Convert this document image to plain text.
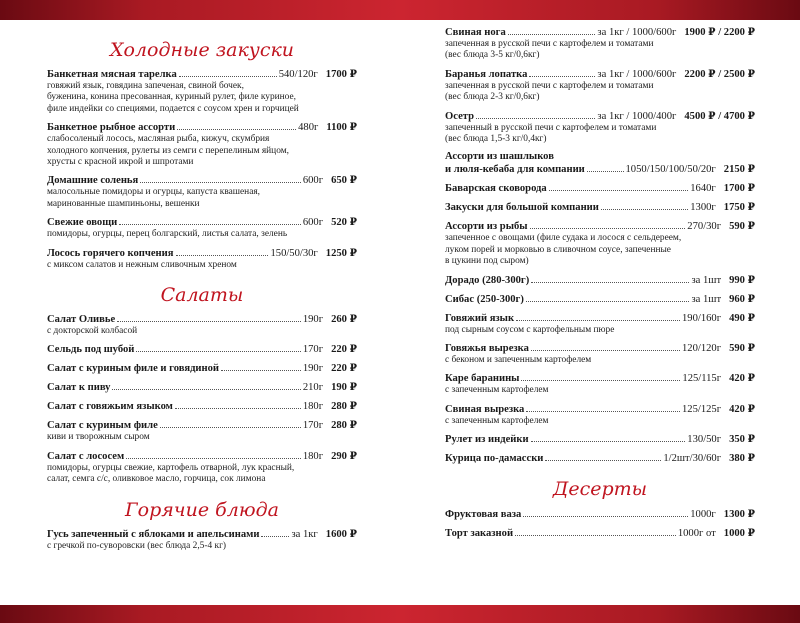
Холодные закуски
Банкетная мясная тарелка	540/120г 1700 ₽
говяжий язык, говядина запеченая, свиной бочек,
буженина, конина пресованная, куриный рулет, филе куриное,
филе индейки со специями, подается с соусом хрен и горчицей
Банкетное рыбное ассорти	480г 1100 ₽
слабосоленый лосось, масляная рыба, кижуч, скумбрия
холодного копчения, рулеты из семги с перепелиным яйцом,
хрусты с красной икрой и шпротами
Домашние соленья	600г 650 ₽
малосольные помидоры и огурцы, капуста квашеная,
маринованные шампиньоны, вешенки
Свежие овощи	600г 520 ₽
помидоры, огурцы, перец болгарский, листья салата, зелень
Лосось горячего копчения	150/50/30г 1250 ₽
с миксом салатов и нежным сливочным хреном
Салаты
Салат Оливье	190г 260 ₽
с докторской колбасой
Сельдь под шубой	170г 220 ₽
Салат с куриным филе и говядиной	190г 220 ₽
Салат к пиву	210г 190 ₽
Салат с говяжьим языком	180г 280 ₽
Салат с куриным филе	170г 280 ₽
киви и творожным сыром
Салат с лососем	180г 290 ₽
помидоры, огурцы свежие, картофель отварной, лук красный,
салат, семга с/с, оливковое масло, горчица, сок лимона
Горячие блюда
Гусь запеченный с яблоками и апельсинами	за 1кг 1600 ₽
с гречкой по-суворовски (вес блюда 2,5-4 кг)
Свиная нога	за 1кг / 1000/600г 1900 ₽ / 2200 ₽
запеченная в русской печи с картофелем и томатами
(вес блюда 3-5 кг/0,6кг)
Баранья лопатка	за 1кг / 1000/600г 2200 ₽ / 2500 ₽
запеченная в русской печи с картофелем и томатами
(вес блюда 2-3 кг/0,6кг)
Осетр	за 1кг / 1000/400г 4500 ₽ / 4700 ₽
запеченный в русской печи с картофелем и томатами
(вес блюда 1,5-3 кг/0,4кг)
Ассорти из шашлыков
и люля-кебаба для компании	1050/150/100/50/20г 2150 ₽
Баварская сковорода	1640г 1700 ₽
Закуски для большой компании	1300г 1750 ₽
Ассорти из рыбы	270/30г 590 ₽
запеченное с овощами (филе судака и лосося с сельдереем,
луком порей и морковью в сливочном соусе, запеченные
в цукини под сыром)
Дорадо (280-300г)	за 1шт 990 ₽
Сибас (250-300г)	за 1шт 960 ₽
Говяжий язык	190/160г 490 ₽
под сырным соусом с картофельным пюре
Говяжья вырезка	120/120г 590 ₽
с беконом и запеченным картофелем
Каре баранины	125/115г 420 ₽
с запеченным картофелем
Свиная вырезка	125/125г 420 ₽
с запеченным картофелем
Рулет из индейки	130/50г 350 ₽
Курица по-дамасски	1/2шт/30/60г 380 ₽
Десерты
Фруктовая ваза	1000г 1300 ₽
Торт заказной	1000г от 1000 ₽
